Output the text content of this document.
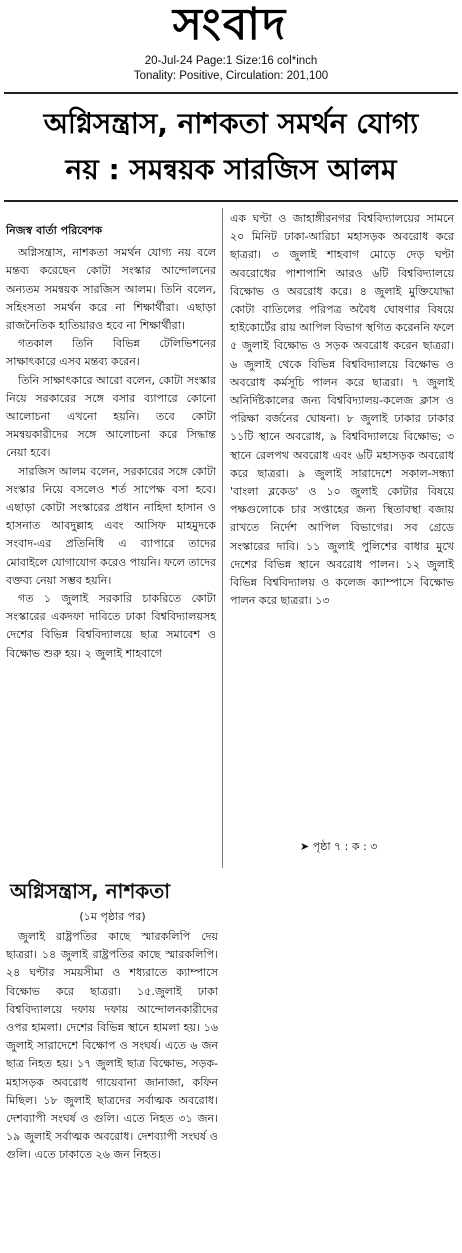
সংবাদ
20-Jul-24 Page:1 Size:16 col*inch
Tonality: Positive, Circulation: 201,100
অগ্নিসন্ত্রাস, নাশকতা সমর্থন যোগ্য
নয় : সমন্বয়ক সারজিস আলম

নিজস্ব বার্তা পরিবেশক

অগ্নিসন্ত্রাস, নাশকতা সমর্থন যোগ্য নয় বলে মন্তব্য করেছেন কোটা সংস্কার আন্দোলনের অন্যতম সমন্বয়ক সারজিস আলম। তিনি বলেন, সহিংসতা সমর্থন করে না শিক্ষার্থীরা। এছাড়া রাজনৈতিক হাতিয়ারও হবে না শিক্ষার্থীরা।

গতকাল তিনি বিভিন্ন টেলিভিশনের সাক্ষাৎকারে এসব মন্তব্য করেন।

তিনি সাক্ষাৎকারে আরো বলেন, কোটা সংস্কার নিয়ে সরকারের সঙ্গে বসার ব্যাপারে কোনো আলোচনা এখনো হয়নি। তবে কোটা সমন্বয়কারীদের সঙ্গে আলোচনা করে সিদ্ধান্ত নেয়া হবে।

সারজিস আলম বলেন, সরকারের সঙ্গে কোটা সংস্কার নিয়ে বসলেও শর্ত সাপেক্ষ বসা হবে। এছাড়া কোটা সংস্কারের প্রধান নাহিদা হাসান ও হাসনাত আবদুল্লাহ এবং আসিফ মাহমুদকে সংবাদ-এর প্রতিনিধি এ ব্যাপারে তাদের মোবাইলে যোগাযোগ করেও পায়নি। ফলে তাদের বক্তব্য নেয়া সম্ভব হয়নি।

গত ১ জুলাই সরকারি চাকরিতে কোটা সংস্কারের একদফা দাবিতে ঢাকা বিশ্ববিদ্যালয়সহ দেশের বিভিন্ন বিশ্ববিদ্যালয়ে ছাত্র সমাবেশ ও বিক্ষোভ শুরু হয়। ২ জুলাই শাহবাগে

এক ঘণ্টা ও জাহাঙ্গীরনগর বিশ্ববিদ্যালয়ের সামনে ২০ মিনিট ঢাকা-আরিচা মহাসড়ক অবরোধ করে ছাত্ররা। ৩ জুলাই শাহবাগ মোড়ে দেড় ঘণ্টা অবরোধের পাশাপাশি আরও ৬টি বিশ্ববিদ্যালয়ে বিক্ষোভ ও অবরোধ করে। ৪ জুলাই মুক্তিযোদ্ধা কোটা বাতিলের পরিপত্র অবৈধ ঘোষণার বিষয়ে হাইকোর্টের রায় আপিল বিভাগ স্থগিত করেননি ফলে ৫ জুলাই বিক্ষোভ ও সড়ক অবরোধ করেন ছাত্ররা। ৬ জুলাই থেকে বিভিন্ন বিশ্ববিদ্যালয়ে বিক্ষোভ ও অবরোধ কর্মসূচি পালন করে ছাত্ররা। ৭ জুলাই অনির্দিষ্টকালের জন্য বিশ্ববিদ্যালয়-কলেজ ক্লাস ও পরিক্ষা বর্জনের ঘোষনা। ৮ জুলাই ঢাকার ঢাকার ১১টি স্থানে অবরোধ, ৯ বিশ্ববিদ্যালয়ে বিক্ষোভ; ৩ স্থানে রেলপথ অবরোধ এবং ৬টি মহাসড়ক অবরোধ করে ছাত্ররা। ৯ জুলাই সারাদেশে সকাল-সন্ধ্যা 'বাংলা ব্লকেড' ও ১০ জুলাই কোটার বিষয়ে পক্ষগুলোকে চার সপ্তাহের জন্য স্থিতাবস্থা বজায় রাখতে নির্দেশ আপিল বিভাগের। সব গ্রেডে সংস্কারের দাবি। ১১ জুলাই পুলিশের বাধার মুখে দেশের বিভিন্ন স্থানে অবরোধ পালন। ১২ জুলাই বিভিন্ন বিশ্ববিদ্যালয় ও কলেজ ক্যাম্পাসে বিক্ষোভ পালন করে ছাত্ররা। ১৩

➤ পৃষ্ঠা ৭ : ক : ৩
অগ্নিসন্ত্রাস, নাশকতা
(১ম পৃষ্ঠার পর)

জুলাই রাষ্ট্রপতির কাছে স্মারকলিপি দেয় ছাত্ররা। ১৪ জুলাই রাষ্ট্রপতির কাছে স্মারকলিপি। ২৪ ঘণ্টার সময়সীমা ও শধ্যরাতে ক্যাম্পাসে বিক্ষোভ করে ছাত্ররা। ১৫.জুলাই ঢাকা বিশ্ববিদ্যালয়ে দফায় দফায় আন্দোলনকারীদের ওপর হামলা। দেশের বিভিন্ন স্থানে হামলা হয়। ১৬ জুলাই সারাদেশে বিক্ষোপ ও সংঘর্ষ। এতে ৬ জন ছাত্র নিহত হয়। ১৭ জুলাই ছাত্র বিক্ষোভ, সড়ক-মহাসড়ক অবরোধ গায়েবানা জানাজা, কফিন মিছিল। ১৮ জুলাই ছাত্রদের সর্বাত্মক অবরোধ। দেশব্যাপী সংঘর্ষ ও গুলি। এতে নিহত ৩১ জন। ১৯ জুলাই সর্বাত্মক অবরোধ। দেশব্যাপী সংঘর্ষ ও গুলি। এতে ঢাকাতে ২৬ জন নিহত।
